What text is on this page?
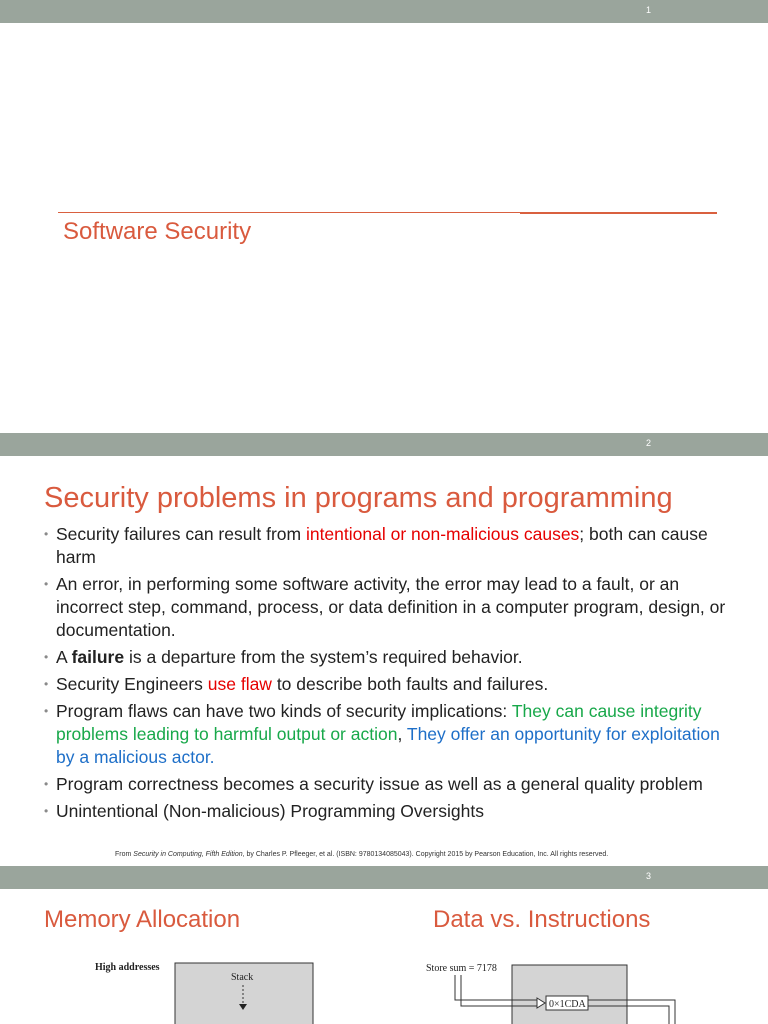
1
Software Security
2
Security problems in programs and programming
• Security failures can result from intentional or non-malicious causes; both can cause harm
• An error, in performing some software activity, the error may lead to a fault, or an incorrect step, command, process, or data definition in a computer program, design, or documentation.
• A failure is a departure from the system’s required behavior.
• Security Engineers use flaw to describe both faults and failures.
• Program flaws can have two kinds of security implications: They can cause integrity problems leading to harmful output or action, They offer an opportunity for exploitation by a malicious actor.
• Program correctness becomes a security issue as well as a general quality problem
• Unintentional (Non-malicious) Programming Oversights
From Security in Computing, Fifth Edition, by Charles P. Pfleeger, et al. (ISBN: 9780134085043). Copyright 2015 by Pearson Education, Inc. All rights reserved.
3
Memory Allocation	Data vs. Instructions
High addresses
Stack
Store sum = 7178
0×1CDA
